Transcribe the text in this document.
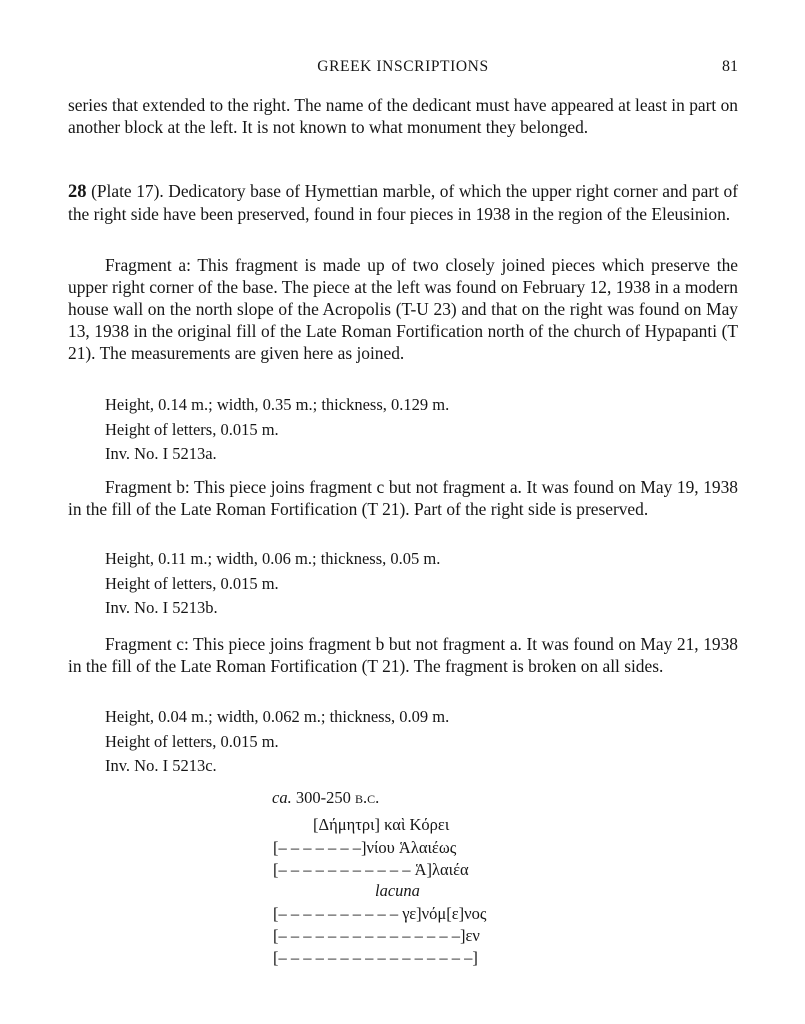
GREEK INSCRIPTIONS	81

series that extended to the right. The name of the dedicant must have appeared at least in part on another block at the left. It is not known to what monument they belonged.

28 (Plate 17). Dedicatory base of Hymettian marble, of which the upper right corner and part of the right side have been preserved, found in four pieces in 1938 in the region of the Eleusinion.

Fragment a: This fragment is made up of two closely joined pieces which preserve the upper right corner of the base. The piece at the left was found on February 12, 1938 in a modern house wall on the north slope of the Acropolis (T-U 23) and that on the right was found on May 13, 1938 in the original fill of the Late Roman Fortification north of the church of Hypapanti (T 21). The measurements are given here as joined.

Height, 0.14 m.; width, 0.35 m.; thickness, 0.129 m.
Height of letters, 0.015 m.
Inv. No. I 5213a.

Fragment b: This piece joins fragment c but not fragment a. It was found on May 19, 1938 in the fill of the Late Roman Fortification (T 21). Part of the right side is preserved.

Height, 0.11 m.; width, 0.06 m.; thickness, 0.05 m.
Height of letters, 0.015 m.
Inv. No. I 5213b.

Fragment c: This piece joins fragment b but not fragment a. It was found on May 21, 1938 in the fill of the Late Roman Fortification (T 21). The fragment is broken on all sides.

Height, 0.04 m.; width, 0.062 m.; thickness, 0.09 m.
Height of letters, 0.015 m.
Inv. No. I 5213c.

ca. 300-250 b.c.

[Δήμητρι] καὶ Κόρει

[– – – – – – –]νίου Ἁλαιέως

[– – – – – – – – – – – Ἁ]λαιέα

lacuna

[– – – – – – – – – – γε]νόμ[ε]νος

[– – – – – – – – – – – – – – –]εν

[– – – – – – – – – – – – – – – –]
